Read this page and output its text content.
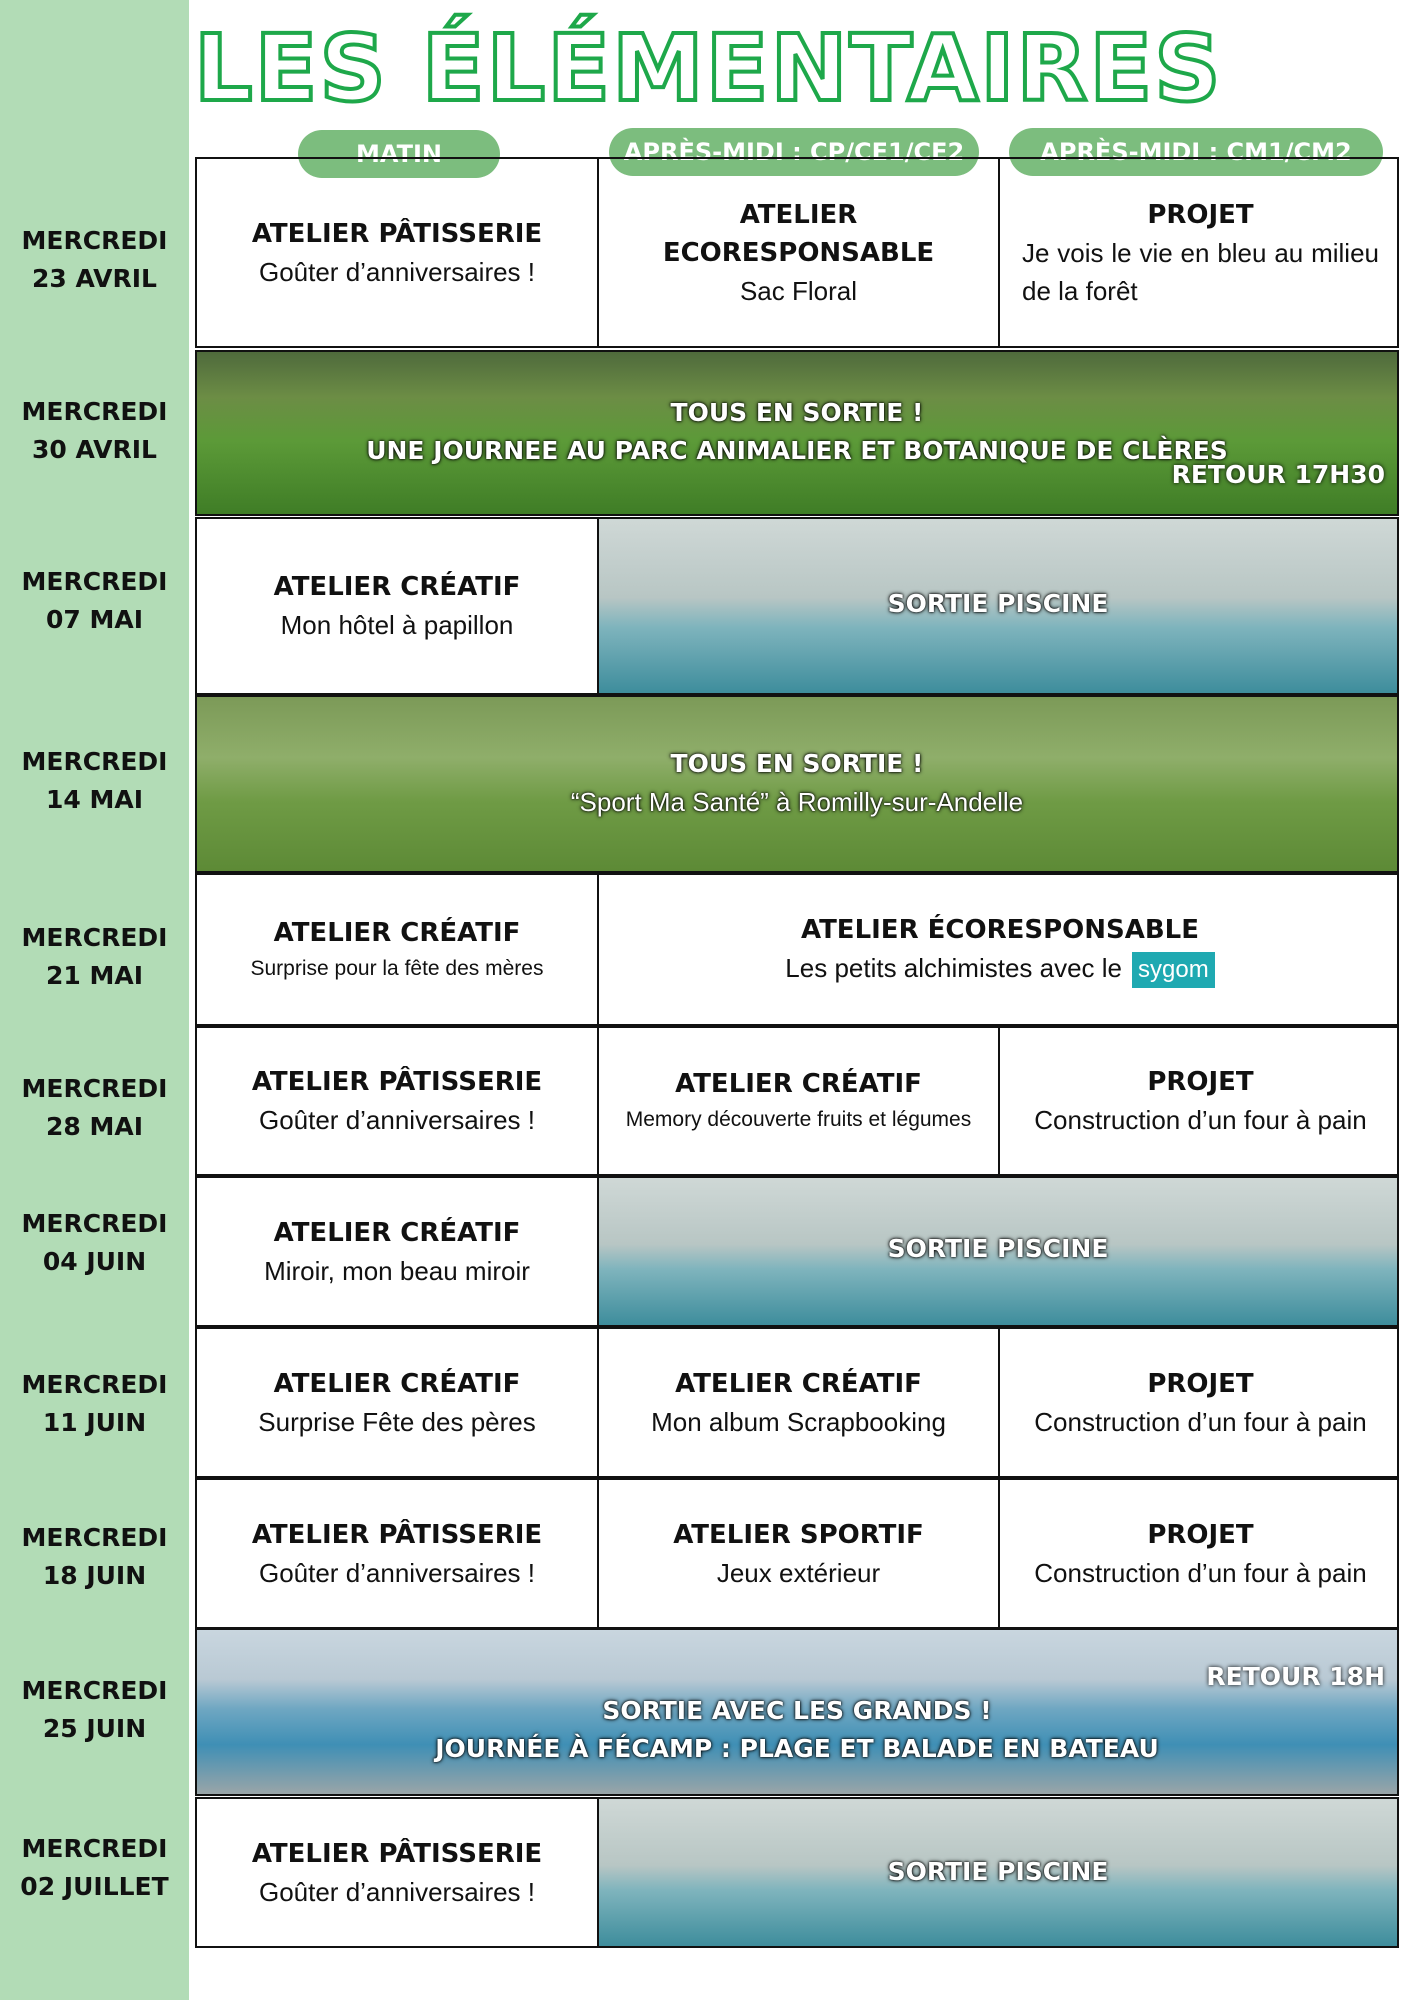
LES ÉLÉMENTAIRES
MATIN	APRÈS-MIDI : CP/CE1/CE2	APRÈS-MIDI : CM1/CM2
MERCREDI
23 AVRIL
ATELIER PÂTISSERIE
Goûter d’anniversaires !
ATELIER
ECORESPONSABLE
Sac Floral
PROJET
Je vois le vie en bleu au milieu de la forêt
MERCREDI
30 AVRIL
TOUS EN SORTIE !
UNE JOURNEE AU PARC ANIMALIER ET BOTANIQUE DE CLÈRES
RETOUR 17H30
MERCREDI
07 MAI
ATELIER CRÉATIF
Mon hôtel à papillon
SORTIE PISCINE
MERCREDI
14 MAI
TOUS EN SORTIE !
“Sport Ma Santé” à Romilly-sur-Andelle
MERCREDI
21 MAI
ATELIER CRÉATIF
Surprise pour la fête des mères
ATELIER ÉCORESPONSABLE
Les petits alchimistes avec le sygom
MERCREDI
28 MAI
ATELIER PÂTISSERIE
Goûter d’anniversaires !
ATELIER CRÉATIF
Memory découverte fruits et légumes
PROJET
Construction d’un four à pain
MERCREDI
04 JUIN
ATELIER CRÉATIF
Miroir, mon beau miroir
SORTIE PISCINE
MERCREDI
11 JUIN
ATELIER CRÉATIF
Surprise Fête des pères
ATELIER CRÉATIF
Mon album Scrapbooking
PROJET
Construction d’un four à pain
MERCREDI
18 JUIN
ATELIER PÂTISSERIE
Goûter d’anniversaires !
ATELIER SPORTIF
Jeux extérieur
PROJET
Construction d’un four à pain
MERCREDI
25 JUIN
RETOUR 18H
SORTIE AVEC LES GRANDS !
JOURNÉE À FÉCAMP : PLAGE ET BALADE EN BATEAU
MERCREDI
02 JUILLET
ATELIER PÂTISSERIE
Goûter d’anniversaires !
SORTIE PISCINE
